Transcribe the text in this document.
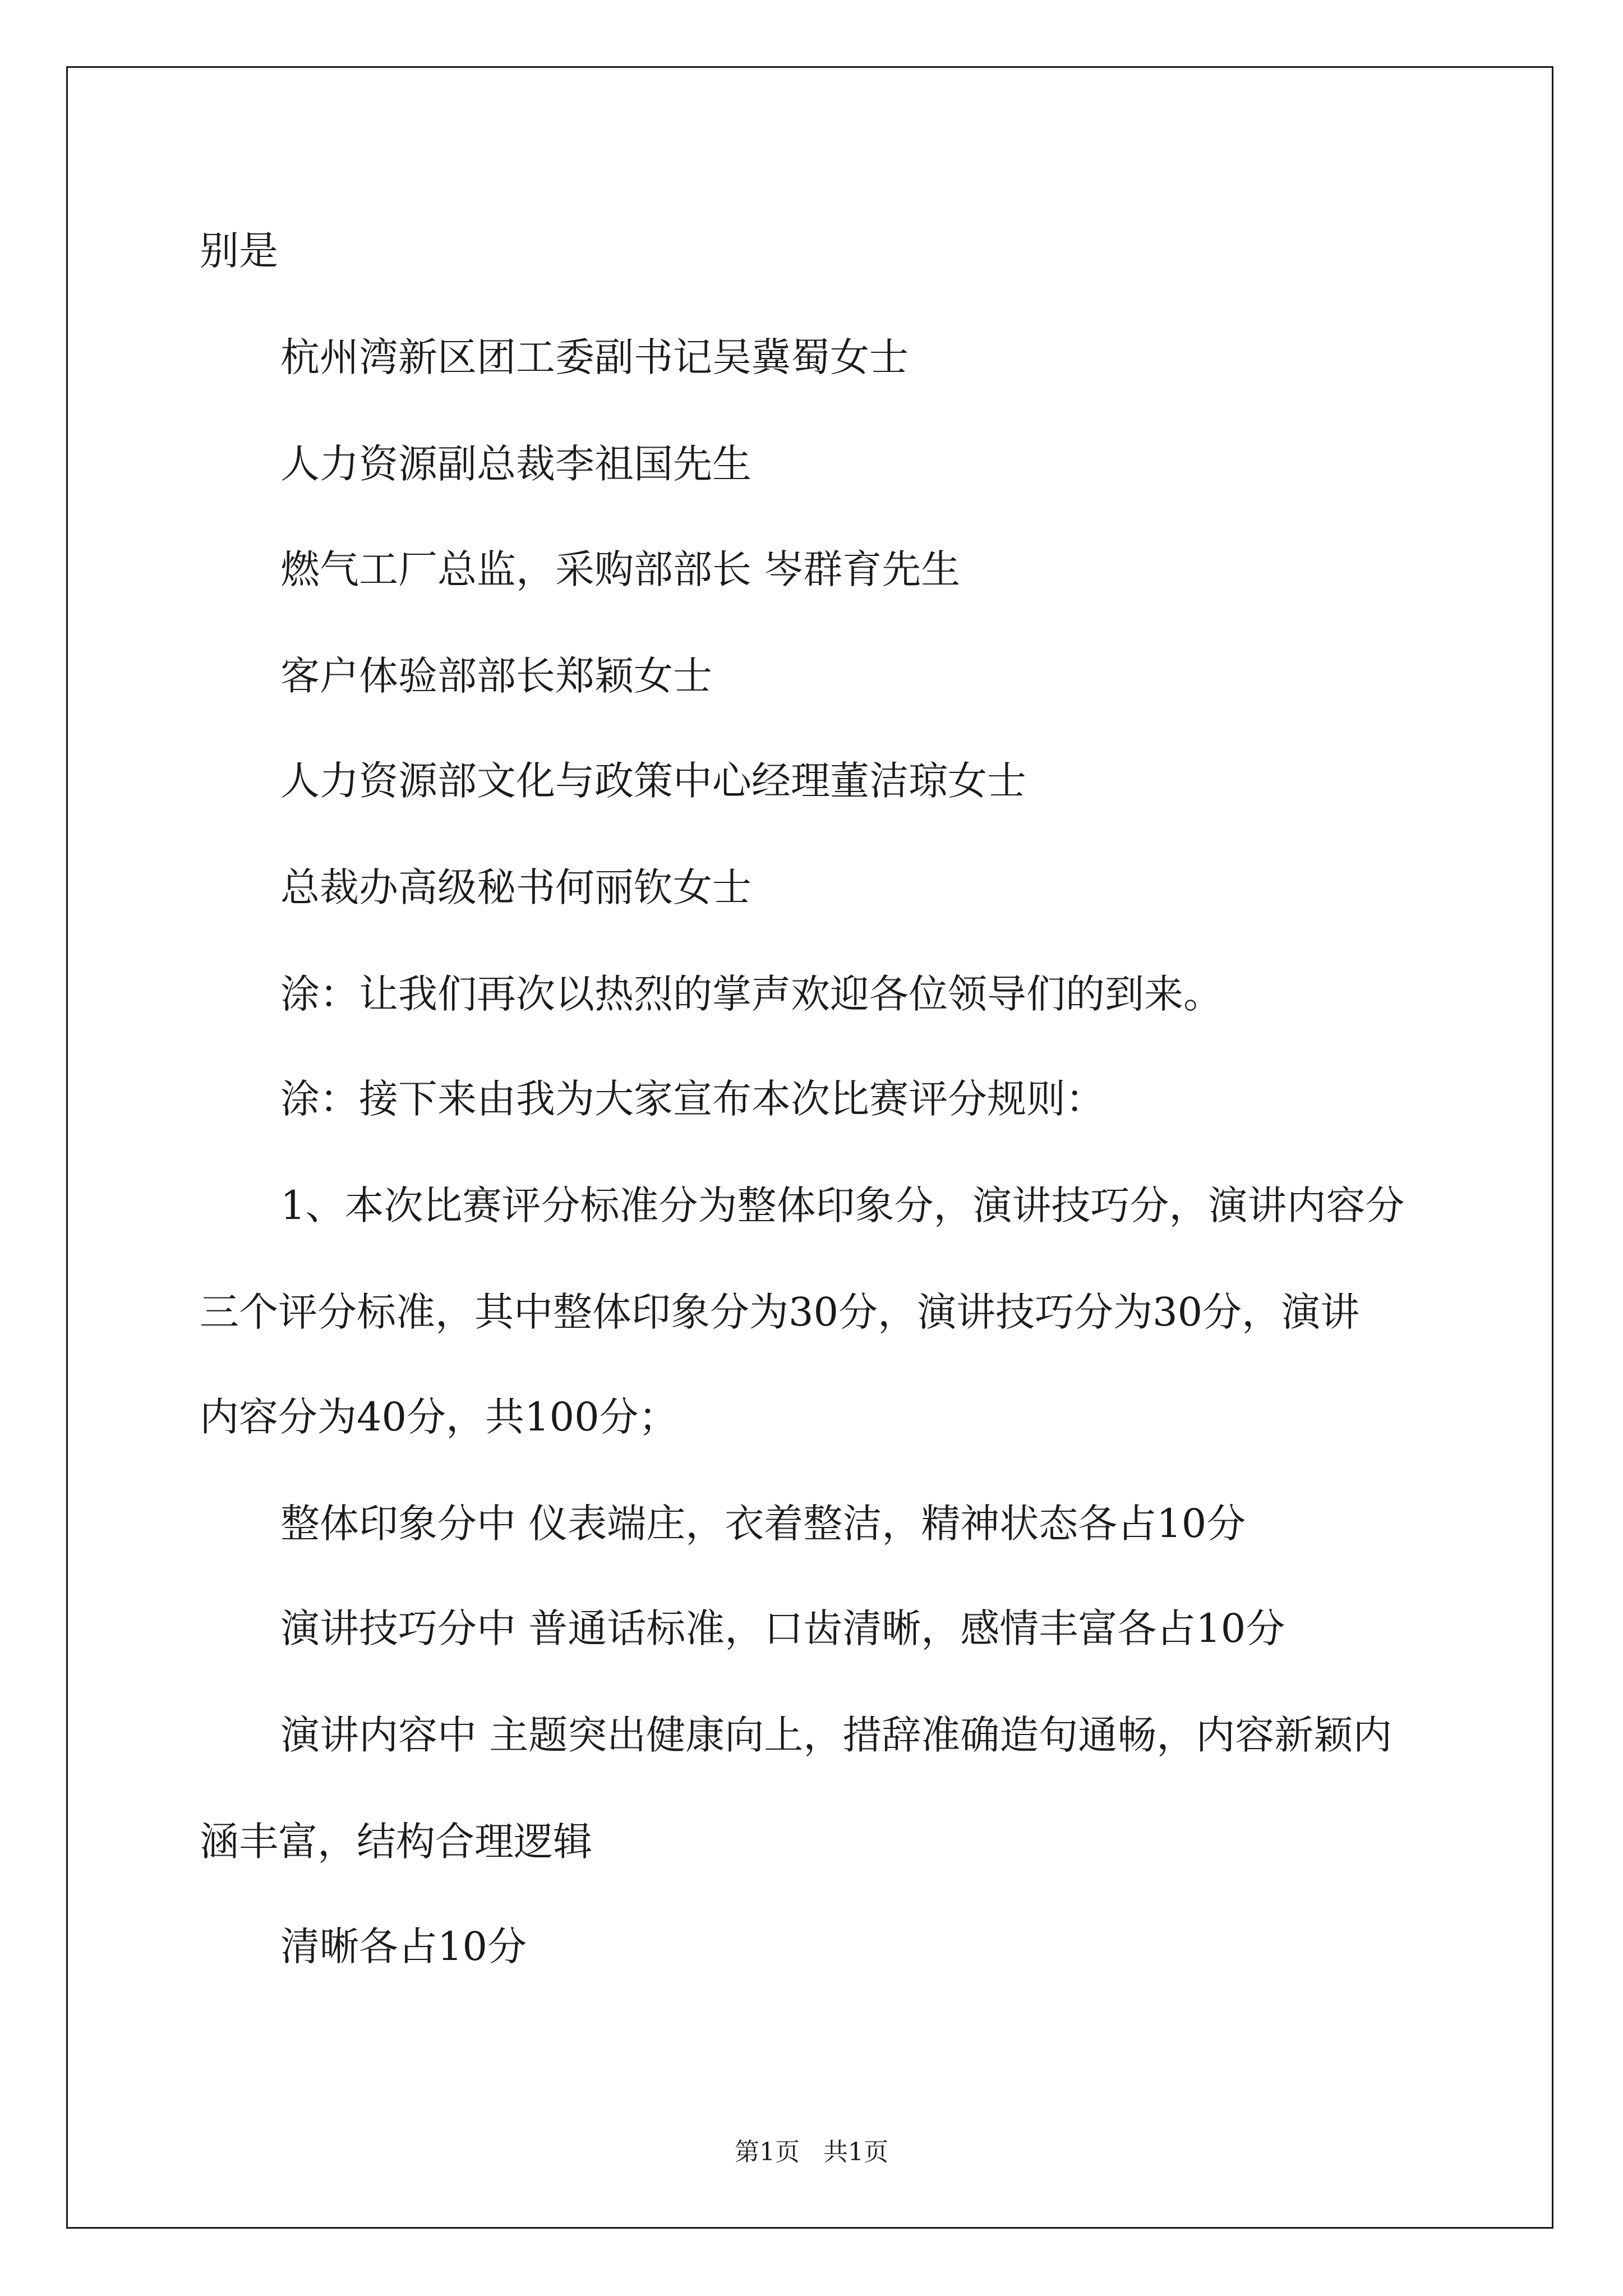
别是
杭州湾新区团工委副书记吴冀蜀女士
人力资源副总裁李祖国先生
燃气工厂总监，采购部部长 岑群育先生
客户体验部部长郑颖女士
人力资源部文化与政策中心经理董洁琼女士
总裁办高级秘书何丽钦女士
涂：让我们再次以热烈的掌声欢迎各位领导们的到来。
涂：接下来由我为大家宣布本次比赛评分规则：
1、本次比赛评分标准分为整体印象分，演讲技巧分，演讲内容分
三个评分标准，其中整体印象分为30分，演讲技巧分为30分，演讲
内容分为40分，共100分；
整体印象分中 仪表端庄，衣着整洁，精神状态各占10分
演讲技巧分中 普通话标准，口齿清晰，感情丰富各占10分
演讲内容中 主题突出健康向上，措辞准确造句通畅，内容新颖内
涵丰富，结构合理逻辑
清晰各占10分
第1页   共1页
